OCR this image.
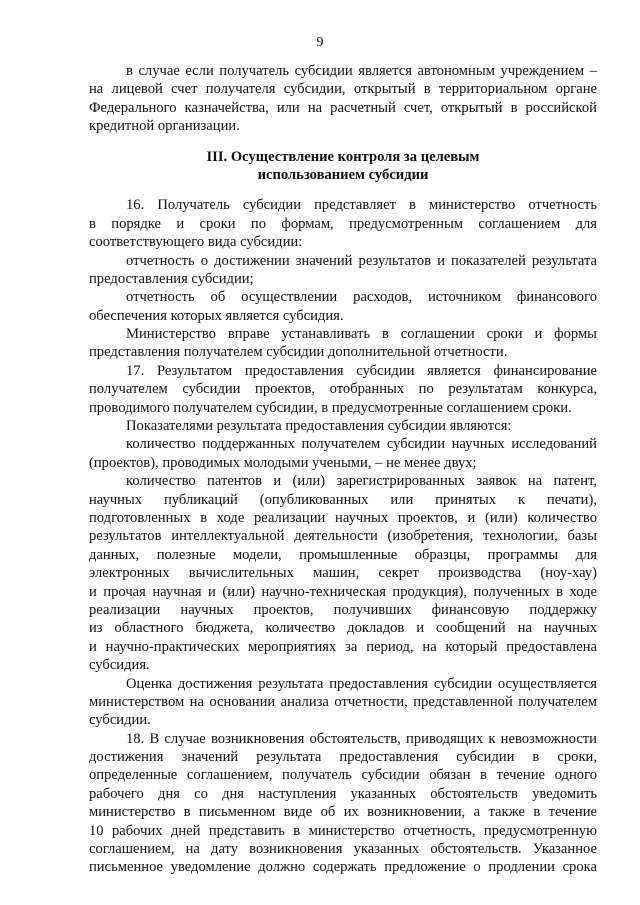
9
в случае если получатель субсидии является автономным учреждением –
на лицевой счет получателя субсидии, открытый в территориальном органе
Федерального казначейства, или на расчетный счет, открытый в российской
кредитной организации.
III. Осуществление контроля за целевым
использованием субсидии
16. Получатель субсидии представляет в министерство отчетность
в порядке и сроки по формам, предусмотренным соглашением для
соответствующего вида субсидии:
отчетность о достижении значений результатов и показателей результата
предоставления субсидии;
отчетность об осуществлении расходов, источником финансового
обеспечения которых является субсидия.
Министерство вправе устанавливать в соглашении сроки и формы
представления получателем субсидии дополнительной отчетности.
17. Результатом предоставления субсидии является финансирование
получателем субсидии проектов, отобранных по результатам конкурса,
проводимого получателем субсидии, в предусмотренные соглашением сроки.
Показателями результата предоставления субсидии являются:
количество поддержанных получателем субсидии научных исследований
(проектов), проводимых молодыми учеными, – не менее двух;
количество патентов и (или) зарегистрированных заявок на патент,
научных публикаций (опубликованных или принятых к печати),
подготовленных в ходе реализации научных проектов, и (или) количество
результатов интеллектуальной деятельности (изобретения, технологии, базы
данных, полезные модели, промышленные образцы, программы для
электронных вычислительных машин, секрет производства (ноу-хау)
и прочая научная и (или) научно-техническая продукция), полученных в ходе
реализации научных проектов, получивших финансовую поддержку
из областного бюджета, количество докладов и сообщений на научных
и научно-практических мероприятиях за период, на который предоставлена
субсидия.
Оценка достижения результата предоставления субсидии осуществляется
министерством на основании анализа отчетности, представленной получателем
субсидии.
18. В случае возникновения обстоятельств, приводящих к невозможности
достижения значений результата предоставления субсидии в сроки,
определенные соглашением, получатель субсидии обязан в течение одного
рабочего дня со дня наступления указанных обстоятельств уведомить
министерство в письменном виде об их возникновении, а также в течение
10 рабочих дней представить в министерство отчетность, предусмотренную
соглашением, на дату возникновения указанных обстоятельств. Указанное
письменное уведомление должно содержать предложение о продлении срока
